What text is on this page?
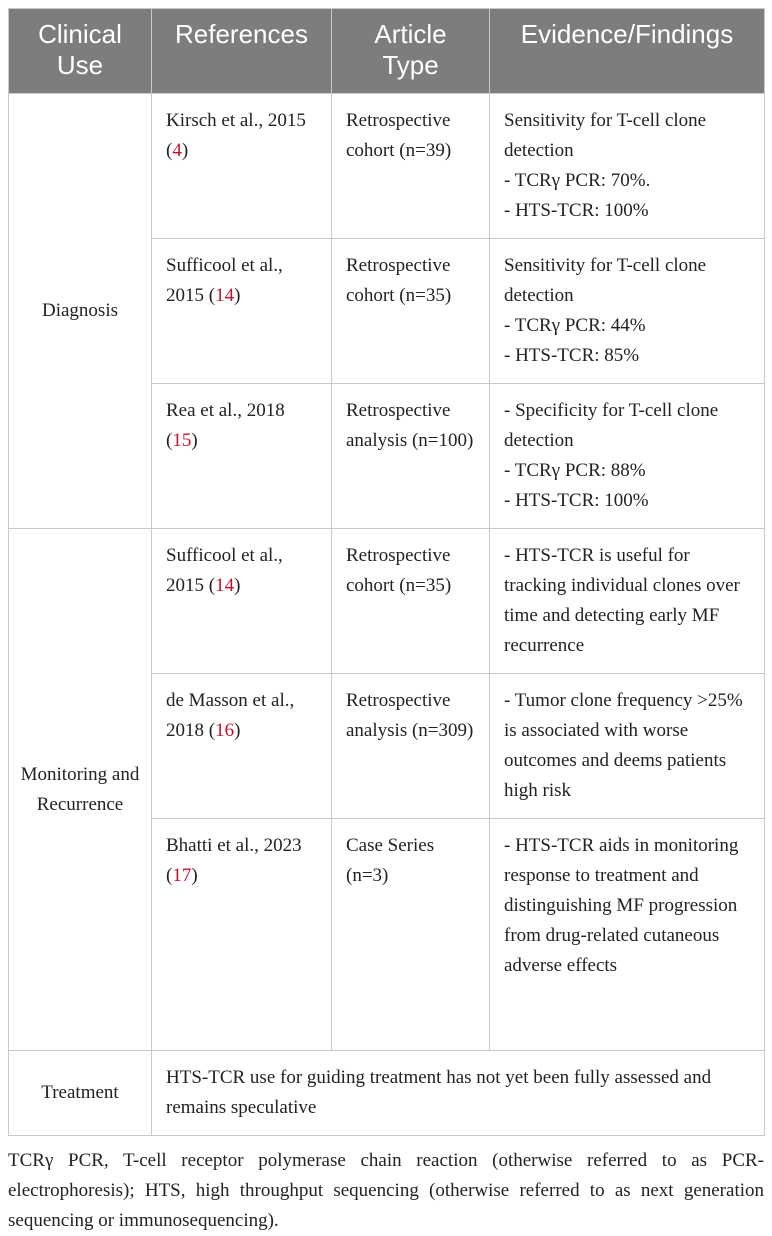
Clinical Use	References	Article Type	Evidence/Findings
Diagnosis	Kirsch et al., 2015 (4)	Retrospective cohort (n=39)	Sensitivity for T-cell clone detection
- TCRγ PCR: 70%.
- HTS-TCR: 100%

	Sufficool et al., 2015 (14)	Retrospective cohort (n=35)	Sensitivity for T-cell clone detection
- TCRγ PCR: 44%
- HTS-TCR: 85%

	Rea et al., 2018 (15)	Retrospective analysis (n=100)	- Specificity for T-cell clone detection
- TCRγ PCR: 88%
- HTS-TCR: 100%

Monitoring and Recurrence	Sufficool et al., 2015 (14)	Retrospective cohort (n=35)	- HTS-TCR is useful for tracking individual clones over time and detecting early MF recurrence
	de Masson et al., 2018 (16)	Retrospective analysis (n=309)	- Tumor clone frequency >25% is associated with worse outcomes and deems patients high risk
	Bhatti et al., 2023 (17)	Case Series (n=3)	- HTS-TCR aids in monitoring response to treatment and distinguishing MF progression from drug-related cutaneous adverse effects
Treatment	HTS-TCR use for guiding treatment has not yet been fully assessed and remains speculative		
TCRγ PCR, T-cell receptor polymerase chain reaction (otherwise referred to as PCR-electrophoresis); HTS, high throughput sequencing (otherwise referred to as next generation sequencing or immunosequencing).
